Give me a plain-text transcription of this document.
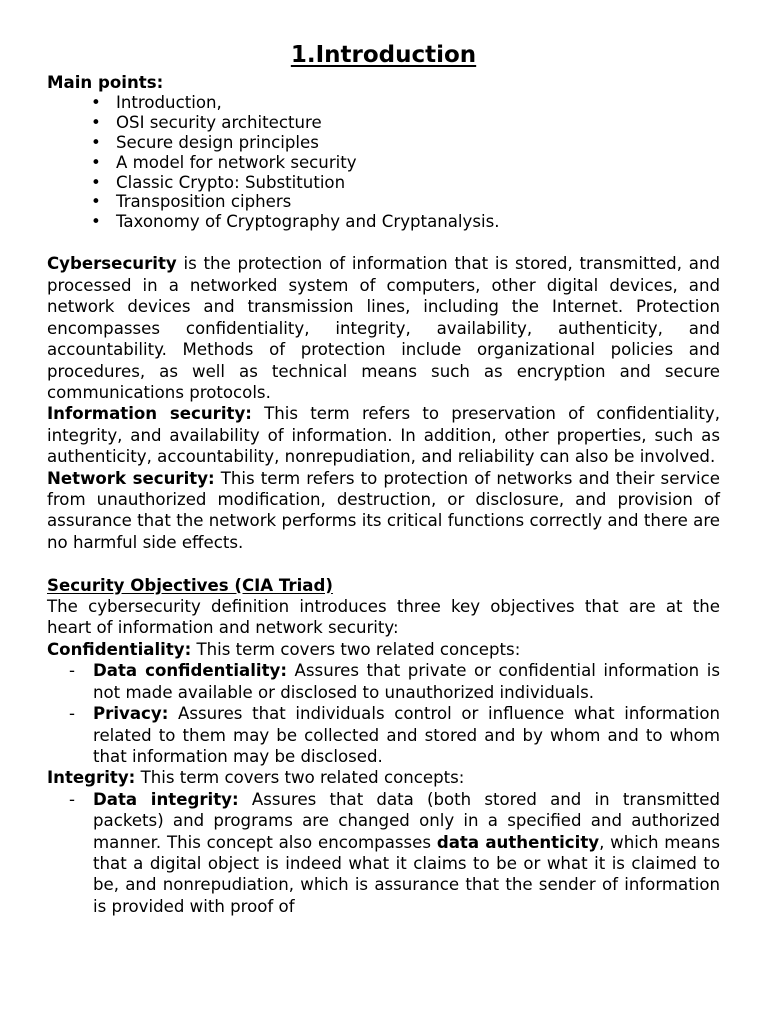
1.Introduction
Main points:
• Introduction,
• OSI security architecture
• Secure design principles
• A model for network security
• Classic Crypto: Substitution
• Transposition ciphers
• Taxonomy of Cryptography and Cryptanalysis.

Cybersecurity is the protection of information that is stored, transmitted, and processed in a networked system of computers, other digital devices, and network devices and transmission lines, including the Internet. Protection encompasses confidentiality, integrity, availability, authenticity, and accountability. Methods of protection include organizational policies and procedures, as well as technical means such as encryption and secure communications protocols.

Information security: This term refers to preservation of confidentiality, integrity, and availability of information. In addition, other properties, such as authenticity, accountability, nonrepudiation, and reliability can also be involved.

Network security: This term refers to protection of networks and their service from unauthorized modification, destruction, or disclosure, and provision of assurance that the network performs its critical functions correctly and there are no harmful side effects.

Security Objectives (CIA Triad)

The cybersecurity definition introduces three key objectives that are at the heart of information and network security:

Confidentiality: This term covers two related concepts:

- Data confidentiality: Assures that private or confidential information is not made available or disclosed to unauthorized individuals.
- Privacy: Assures that individuals control or influence what information related to them may be collected and stored and by whom and to whom that information may be disclosed.

Integrity: This term covers two related concepts:

- Data integrity: Assures that data (both stored and in transmitted packets) and programs are changed only in a specified and authorized manner. This concept also encompasses data authenticity, which means that a digital object is indeed what it claims to be or what it is claimed to be, and nonrepudiation, which is assurance that the sender of information is provided with proof of
